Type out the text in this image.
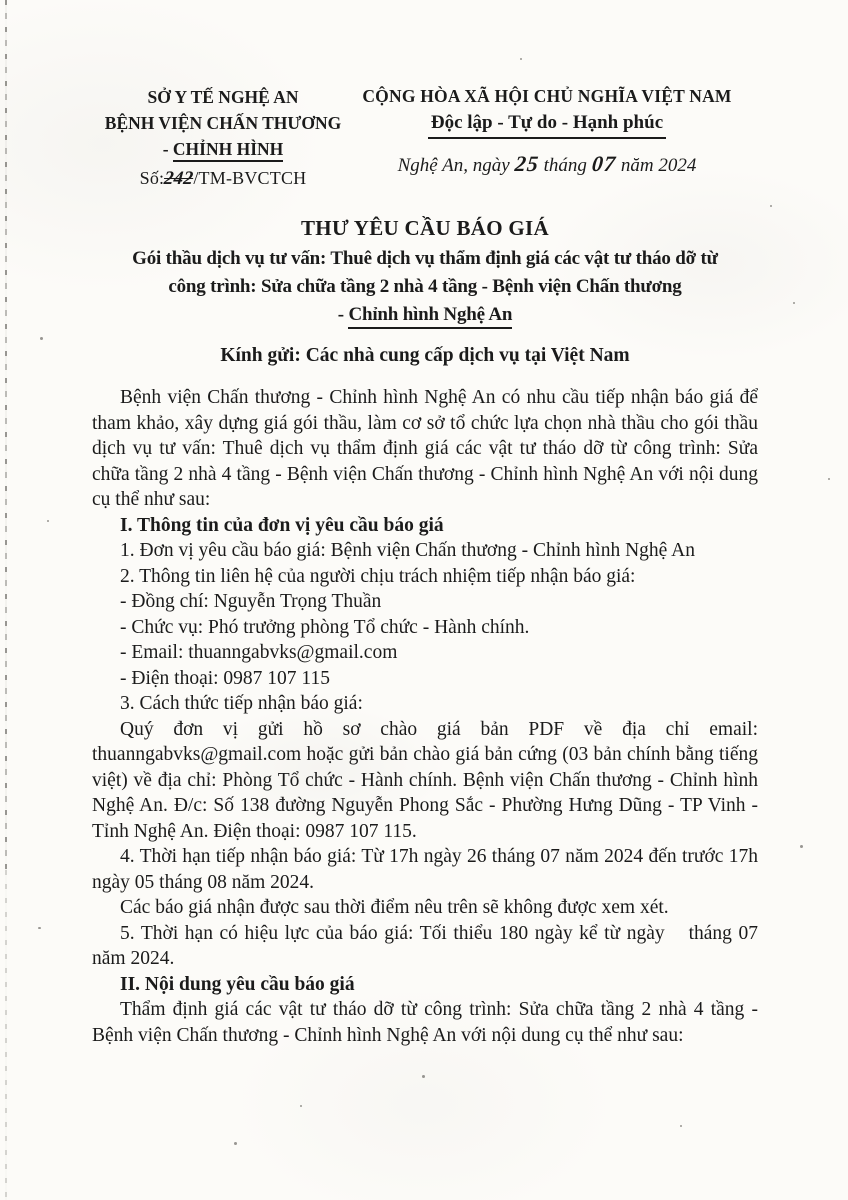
SỞ Y TẾ NGHỆ AN
BỆNH VIỆN CHẤN THƯƠNG
- CHỈNH HÌNH
Số:242/TM-BVCTCH
CỘNG HÒA XÃ HỘI CHỦ NGHĨA VIỆT NAM
Độc lập - Tự do - Hạnh phúc
Nghệ An, ngày 25 tháng 07 năm 2024
THƯ YÊU CẦU BÁO GIÁ
Gói thầu dịch vụ tư vấn: Thuê dịch vụ thẩm định giá các vật tư tháo dỡ từ
công trình: Sửa chữa tầng 2 nhà 4 tầng - Bệnh viện Chấn thương
- Chỉnh hình Nghệ An
Kính gửi: Các nhà cung cấp dịch vụ tại Việt Nam

Bệnh viện Chấn thương - Chỉnh hình Nghệ An có nhu cầu tiếp nhận báo giá để tham khảo, xây dựng giá gói thầu, làm cơ sở tổ chức lựa chọn nhà thầu cho gói thầu dịch vụ tư vấn: Thuê dịch vụ thẩm định giá các vật tư tháo dỡ từ công trình: Sửa chữa tầng 2 nhà 4 tầng - Bệnh viện Chấn thương - Chỉnh hình Nghệ An với nội dung cụ thể như sau:

I. Thông tin của đơn vị yêu cầu báo giá

1. Đơn vị yêu cầu báo giá: Bệnh viện Chấn thương - Chỉnh hình Nghệ An

2. Thông tin liên hệ của người chịu trách nhiệm tiếp nhận báo giá:

- Đồng chí: Nguyễn Trọng Thuần

- Chức vụ: Phó trưởng phòng Tổ chức - Hành chính.

- Email: thuanngabvks@gmail.com

- Điện thoại: 0987 107 115

3. Cách thức tiếp nhận báo giá:

Quý đơn vị gửi hồ sơ chào giá bản PDF về địa chỉ email: thuanngabvks@gmail.com hoặc gửi bản chào giá bản cứng (03 bản chính bằng tiếng việt) về địa chỉ: Phòng Tổ chức - Hành chính. Bệnh viện Chấn thương - Chỉnh hình Nghệ An. Đ/c: Số 138 đường Nguyễn Phong Sắc - Phường Hưng Dũng - TP Vinh - Tỉnh Nghệ An. Điện thoại: 0987 107 115.

4. Thời hạn tiếp nhận báo giá: Từ 17h ngày 26 tháng 07 năm 2024 đến trước 17h ngày 05 tháng 08 năm 2024.

Các báo giá nhận được sau thời điểm nêu trên sẽ không được xem xét.

5. Thời hạn có hiệu lực của báo giá: Tối thiểu 180 ngày kể từ ngày tháng 07 năm 2024.

II. Nội dung yêu cầu báo giá

Thẩm định giá các vật tư tháo dỡ từ công trình: Sửa chữa tầng 2 nhà 4 tầng - Bệnh viện Chấn thương - Chỉnh hình Nghệ An với nội dung cụ thể như sau:
